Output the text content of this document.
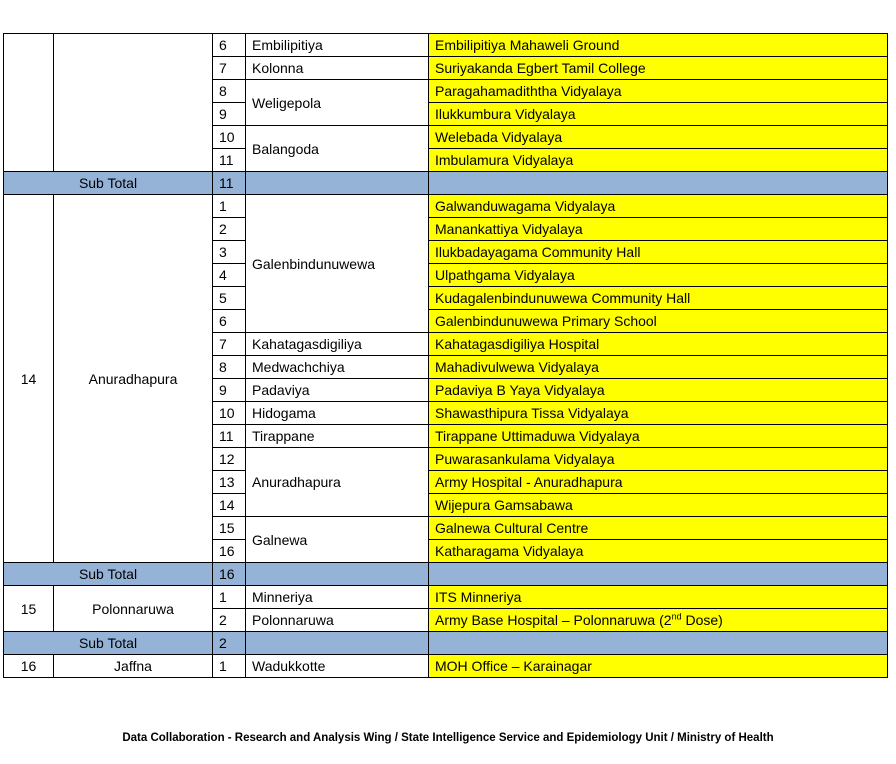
		6	Embilipitiya	Embilipitiya Mahaweli Ground
		7	Kolonna	Suriyakanda Egbert Tamil College
		8	Weligepola	Paragahamadiththa Vidyalaya
		9		Ilukkumbura Vidyalaya
		10	Balangoda	Welebada Vidyalaya
		11		Imbulamura Vidyalaya
Sub Total		11		
14	Anuradhapura	1	Galenbindunuwewa	Galwanduwagama Vidyalaya
		2		Manankattiya Vidyalaya
		3		Ilukbadayagama Community Hall
		4		Ulpathgama Vidyalaya
		5		Kudagalenbindunuwewa Community Hall
		6		Galenbindunuwewa Primary School
		7	Kahatagasdigiliya	Kahatagasdigiliya Hospital
		8	Medwachchiya	Mahadivulwewa Vidyalaya
		9	Padaviya	Padaviya B Yaya Vidyalaya
		10	Hidogama	Shawasthipura Tissa Vidyalaya
		11	Tirappane	Tirappane Uttimaduwa Vidyalaya
		12	Anuradhapura	Puwarasankulama Vidyalaya
		13		Army Hospital - Anuradhapura
		14		Wijepura Gamsabawa
		15	Galnewa	Galnewa Cultural Centre
		16		Katharagama Vidyalaya
Sub Total		16		
15	Polonnaruwa	1	Minneriya	ITS Minneriya
		2	Polonnaruwa	Army Base Hospital – Polonnaruwa (2nd Dose)
Sub Total		2		
16	Jaffna	1	Wadukkotte	MOH Office – Karainagar
Data Collaboration - Research and Analysis Wing / State Intelligence Service and Epidemiology Unit / Ministry of Health
